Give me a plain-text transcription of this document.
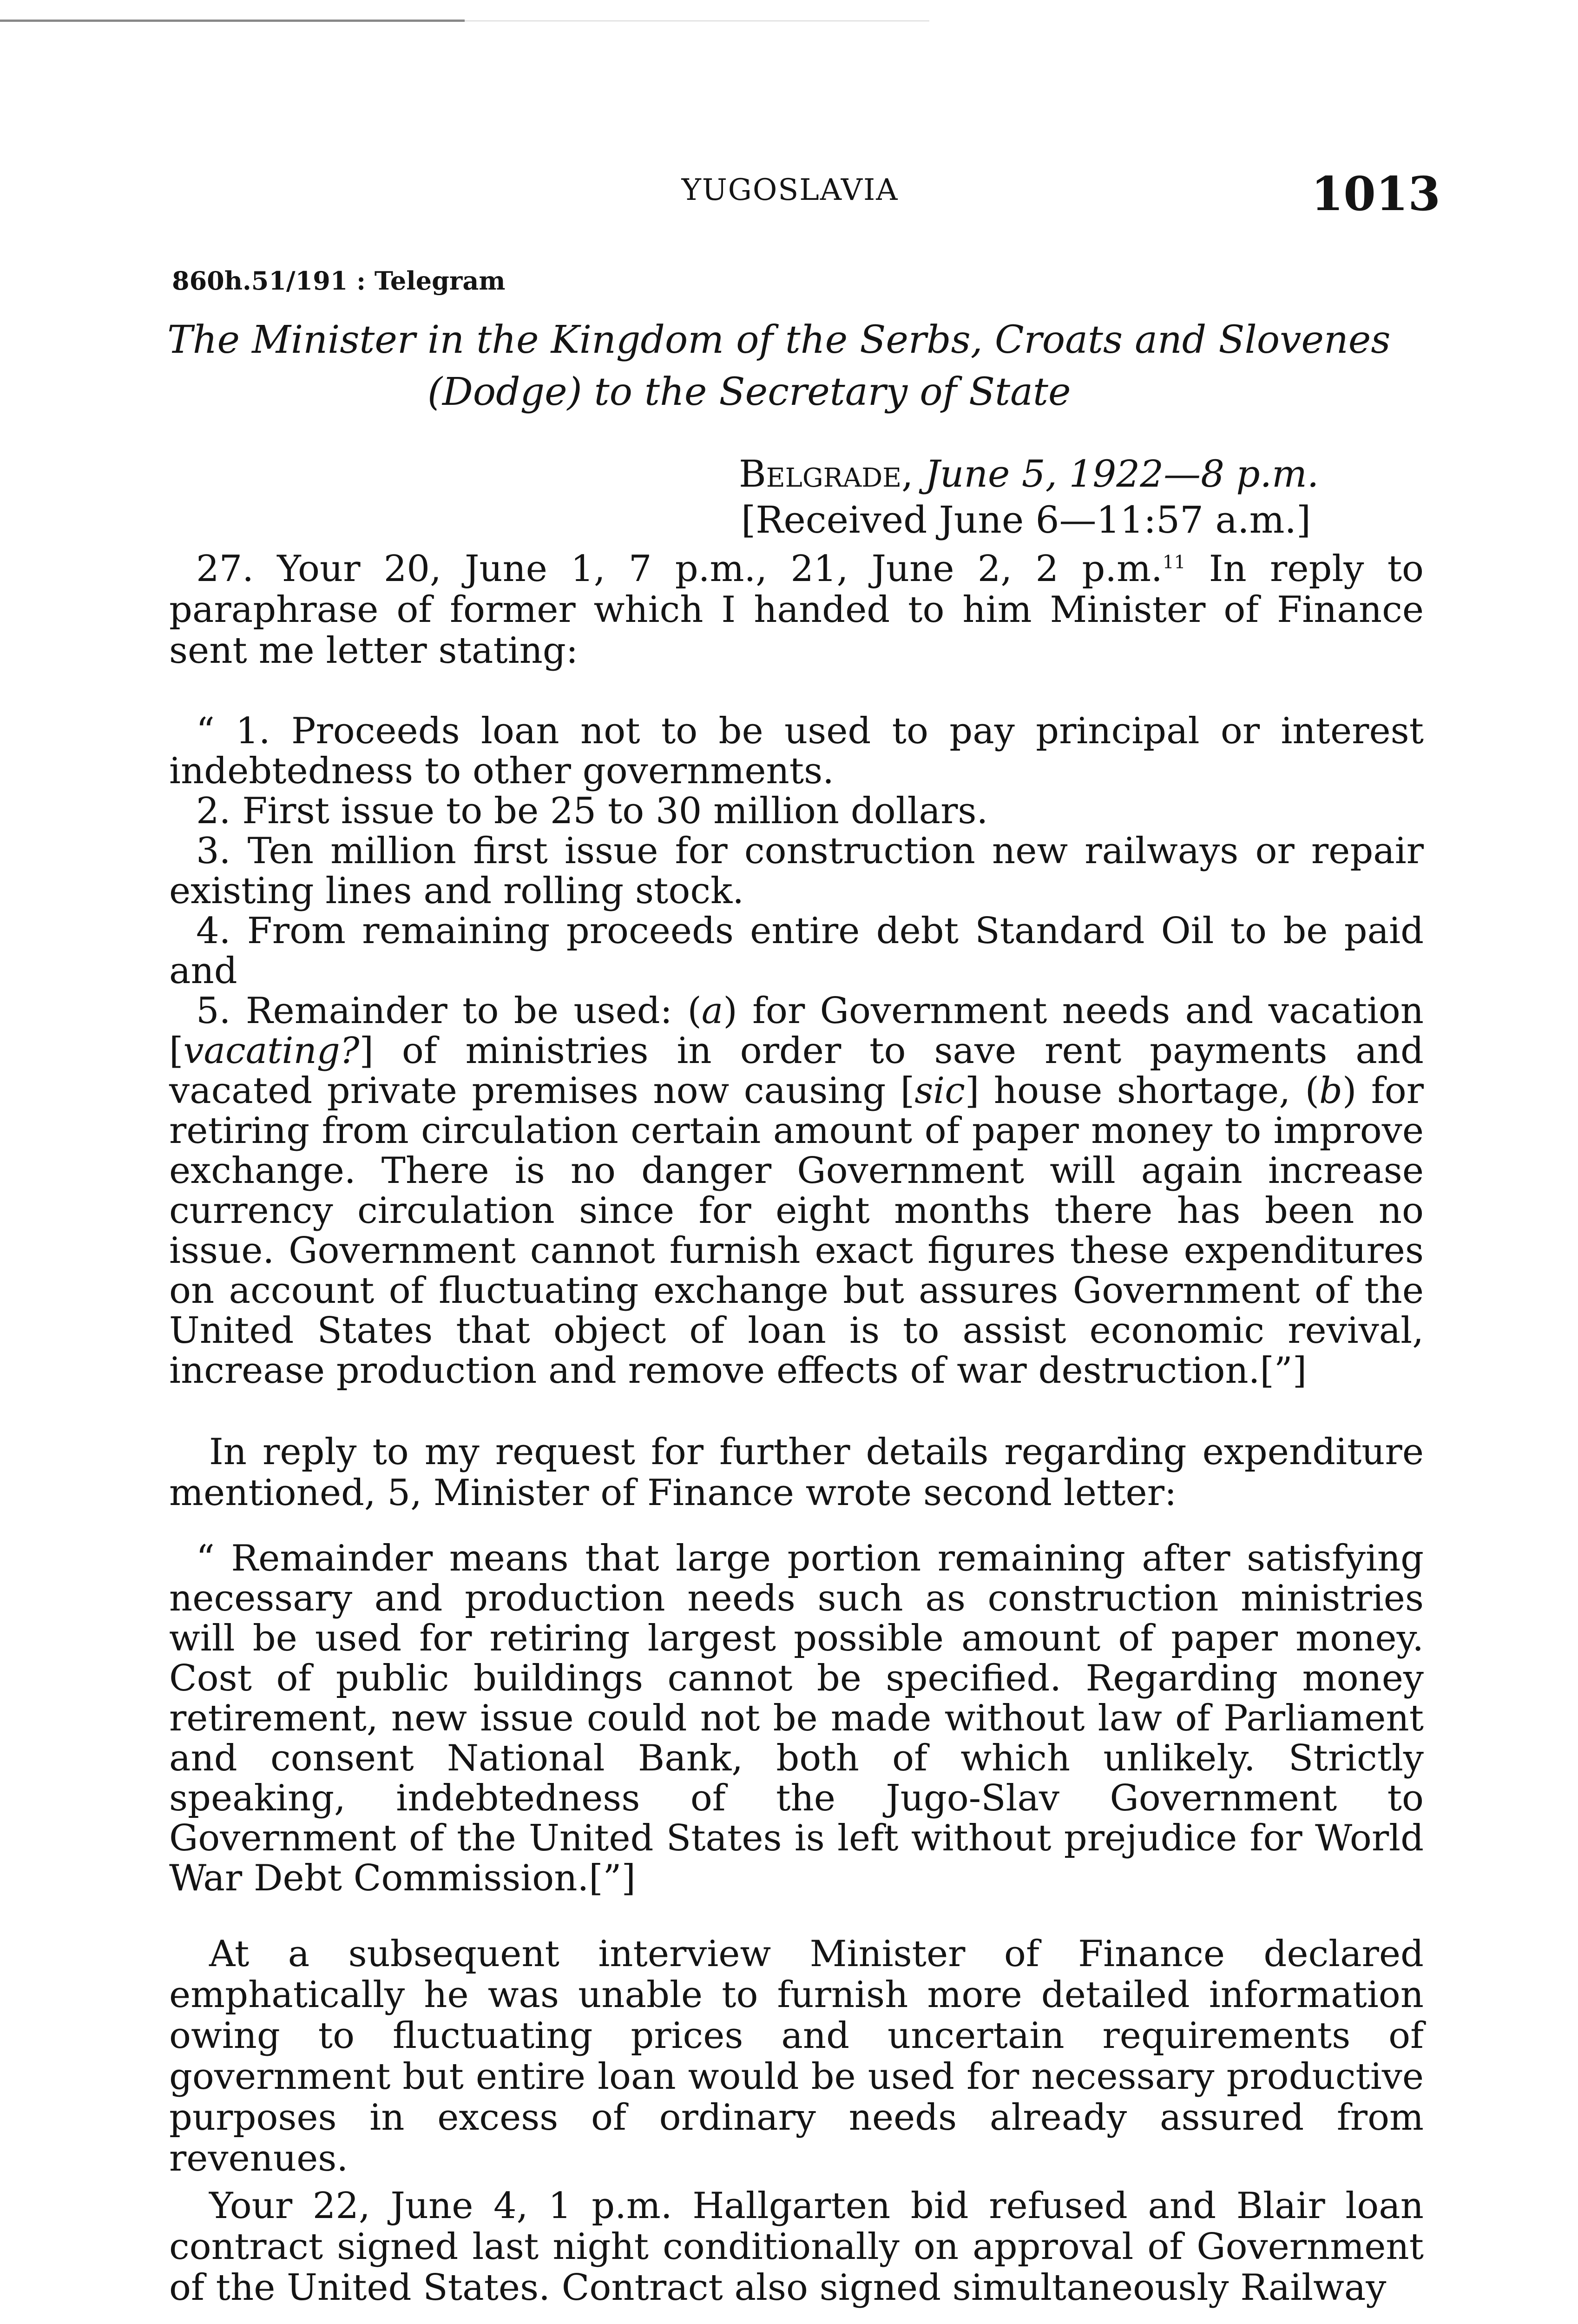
YUGOSLAVIA	1013
860h.51/191 : Telegram
The Minister in the Kingdom of the Serbs, Croats and Slovenes
(Dodge) to the Secretary of State
Belgrade, June 5, 1922—8 p.m.
[Received June 6—11:57 a.m.]

27. Your 20, June 1, 7 p.m., 21, June 2, 2 p.m.$^{11}$ In reply to paraphrase of former which I handed to him Minister of Finance sent me letter stating:

“ 1. Proceeds loan not to be used to pay principal or interest indebtedness to other governments.

2. First issue to be 25 to 30 million dollars.

3. Ten million first issue for construction new railways or repair existing lines and rolling stock.

4. From remaining proceeds entire debt Standard Oil to be paid and

5. Remainder to be used: (a) for Government needs and vacation [vacating?] of ministries in order to save rent payments and vacated private premises now causing [sic] house shortage, (b) for retiring from circulation certain amount of paper money to improve exchange. There is no danger Government will again increase currency circulation since for eight months there has been no issue. Government cannot furnish exact figures these expenditures on account of fluctuating exchange but assures Government of the United States that object of loan is to assist economic revival, increase production and remove effects of war destruction.[”]

In reply to my request for further details regarding expenditure mentioned, 5, Minister of Finance wrote second letter:

“ Remainder means that large portion remaining after satisfying necessary and production needs such as construction ministries will be used for retiring largest possible amount of paper money. Cost of public buildings cannot be specified. Regarding money retirement, new issue could not be made without law of Parliament and consent National Bank, both of which unlikely. Strictly speaking, indebtedness of the Jugo-Slav Government to Government of the United States is left without prejudice for World War Debt Commission.[”]

At a subsequent interview Minister of Finance declared emphatically he was unable to furnish more detailed information owing to fluctuating prices and uncertain requirements of government but entire loan would be used for necessary productive purposes in excess of ordinary needs already assured from revenues.

Your 22, June 4, 1 p.m. Hallgarten bid refused and Blair loan contract signed last night conditionally on approval of Government of the United States. Contract also signed simultaneously Railway
